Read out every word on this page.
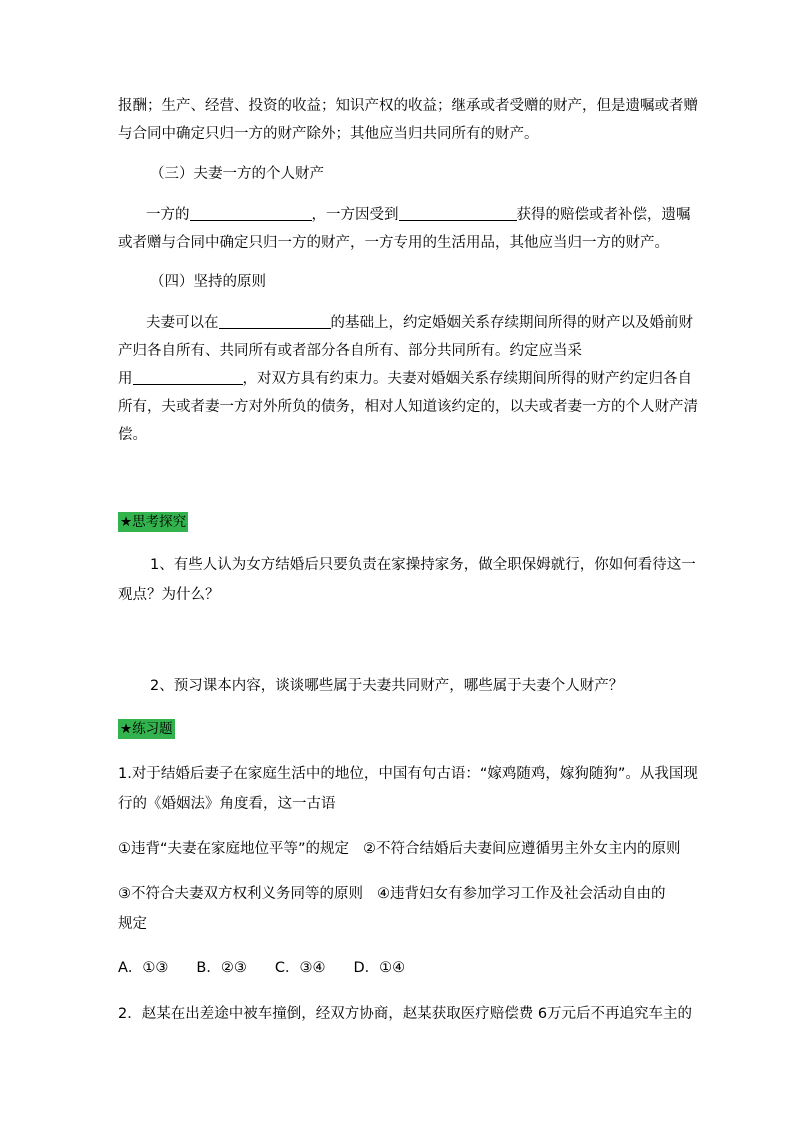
报酬；生产、经营、投资的收益；知识产权的收益；继承或者受赠的财产，但是遗嘱或者赠
与合同中确定只归一方的财产除外；其他应当归共同所有的财产。
（三）夫妻一方的个人财产
一方的	，一方因受到	获得的赔偿或者补偿，遗嘱
或者赠与合同中确定只归一方的财产，一方专用的生活用品，其他应当归一方的财产。
（四）坚持的原则
夫妻可以在	的基础上，约定婚姻关系存续期间所得的财产以及婚前财
产归各自所有、共同所有或者部分各自所有、部分共同所有。约定应当采
用	，对双方具有约束力。夫妻对婚姻关系存续期间所得的财产约定归各自
所有，夫或者妻一方对外所负的债务，相对人知道该约定的，以夫或者妻一方的个人财产清
偿。
★思考探究
1、有些人认为女方结婚后只要负责在家操持家务，做全职保姆就行，你如何看待这一
观点？为什么？
2、预习课本内容，谈谈哪些属于夫妻共同财产，哪些属于夫妻个人财产？
★练习题
1.对于结婚后妻子在家庭生活中的地位，中国有句古语：“嫁鸡随鸡，嫁狗随狗”。从我国现
行的《婚姻法》角度看，这一古语
①违背“夫妻在家庭地位平等”的规定 ②不符合结婚后夫妻间应遵循男主外女主内的原则
③不符合夫妻双方权利义务同等的原则 ④违背妇女有参加学习工作及社会活动自由的
规定
A．①③ B．②③ C．③④ D．①④
2．赵某在出差途中被车撞倒，经双方协商，赵某获取医疗赔偿费 6万元后不再追究车主的
